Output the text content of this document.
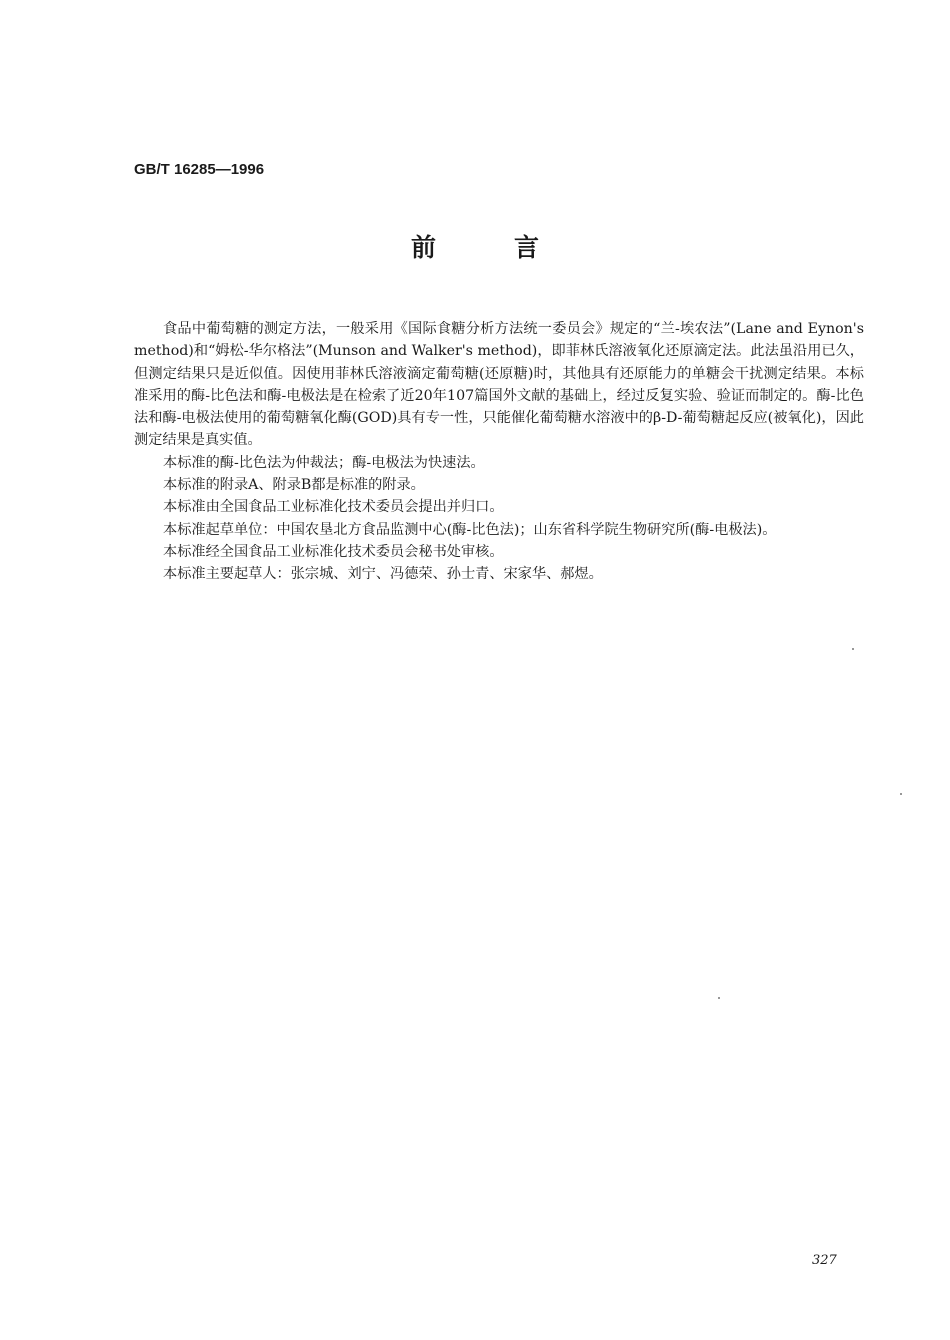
GB/T 16285—1996
前言

食品中葡萄糖的测定方法，一般采用《国际食糖分析方法统一委员会》规定的“兰-埃农法”(Lane and Eynon's method)和“姆松-华尔格法”(Munson and Walker's method)，即菲林氏溶液氧化还原滴定法。此法虽沿用已久，但测定结果只是近似值。因使用菲林氏溶液滴定葡萄糖(还原糖)时，其他具有还原能力的单糖会干扰测定结果。本标准采用的酶-比色法和酶-电极法是在检索了近20年107篇国外文献的基础上，经过反复实验、验证而制定的。酶-比色法和酶-电极法使用的葡萄糖氧化酶(GOD)具有专一性，只能催化葡萄糖水溶液中的β-D-葡萄糖起反应(被氧化)，因此测定结果是真实值。

本标准的酶-比色法为仲裁法；酶-电极法为快速法。

本标准的附录A、附录B都是标准的附录。

本标准由全国食品工业标准化技术委员会提出并归口。

本标准起草单位：中国农垦北方食品监测中心(酶-比色法)；山东省科学院生物研究所(酶-电极法)。

本标准经全国食品工业标准化技术委员会秘书处审核。

本标准主要起草人：张宗城、刘宁、冯德荣、孙士青、宋家华、郝煜。

327
